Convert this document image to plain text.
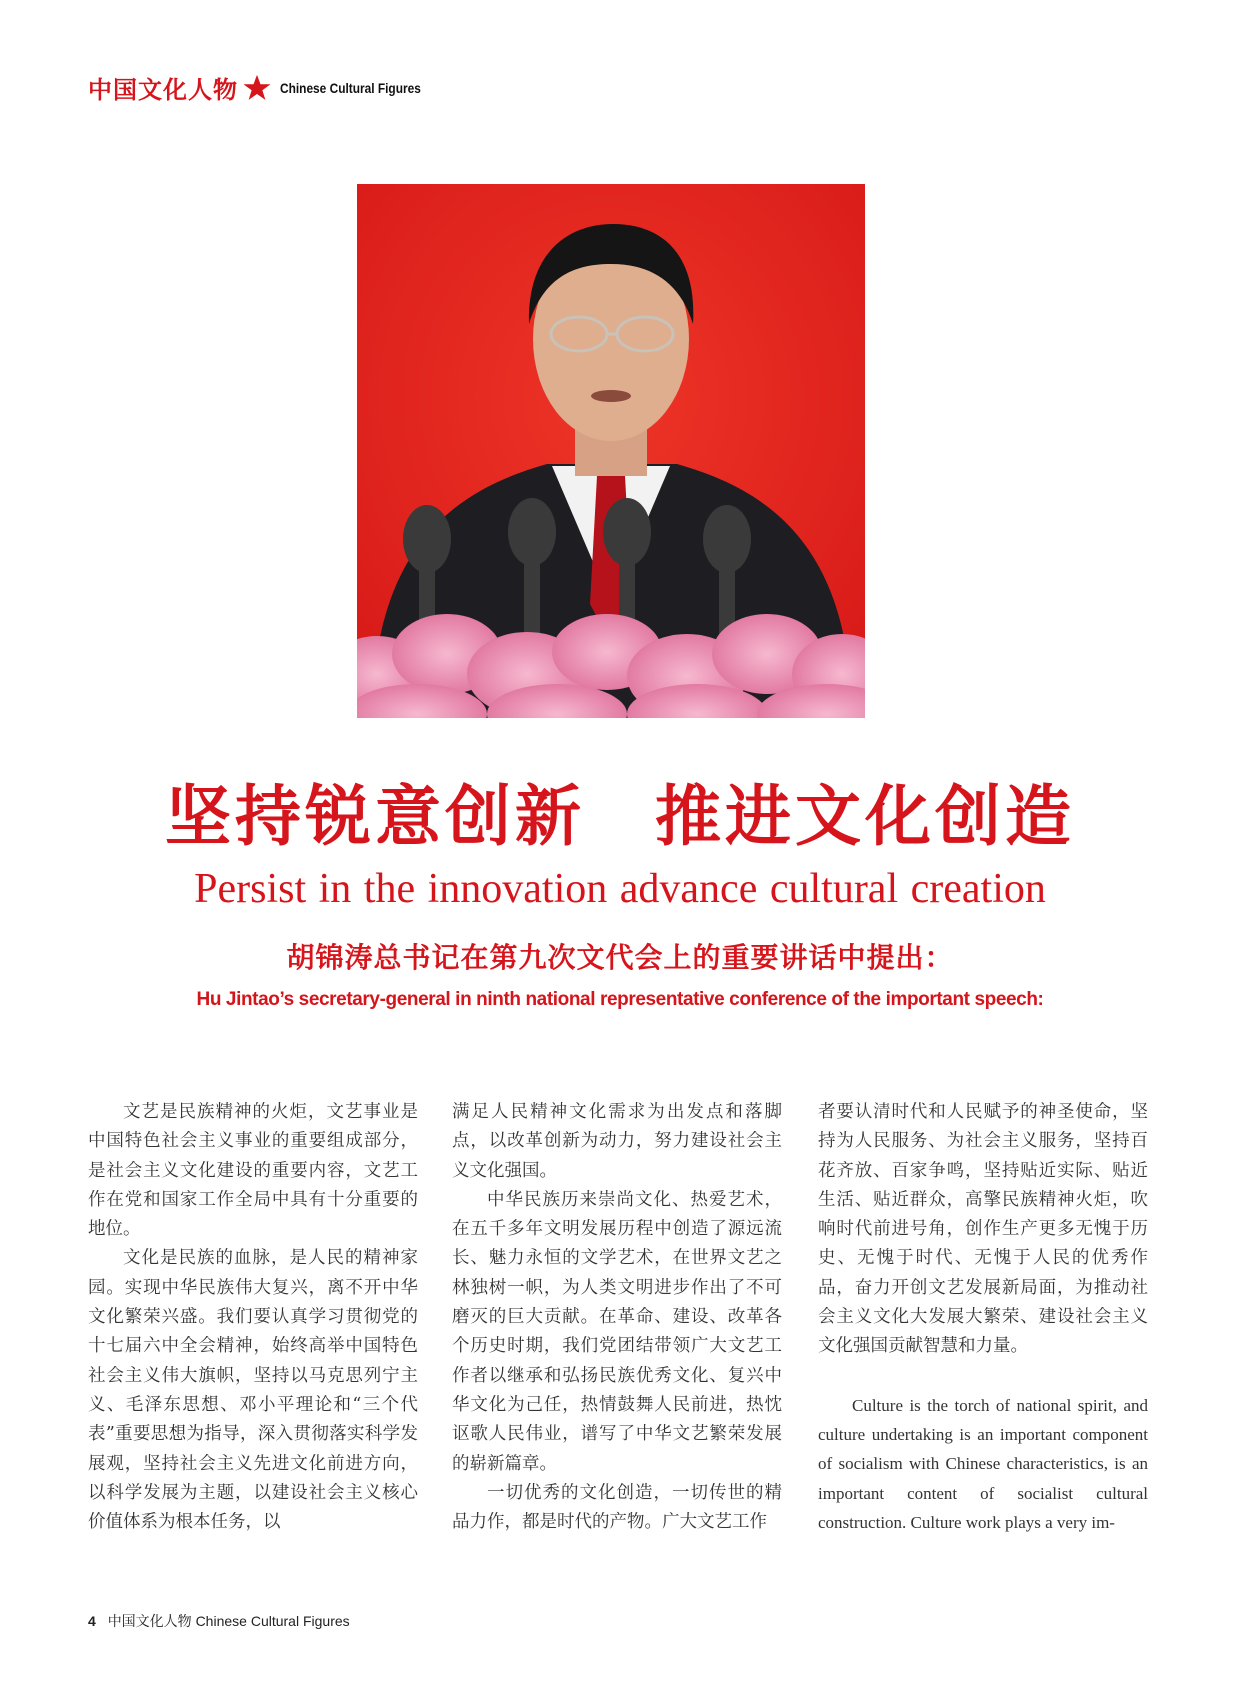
中国文化人物	Chinese Cultural Figures
坚持锐意创新　推进文化创造
Persist in the innovation advance cultural creation
胡锦涛总书记在第九次文代会上的重要讲话中提出：
Hu Jintao’s secretary-general in ninth national representative conference of the important speech:

文艺是民族精神的火炬，文艺事业是中国特色社会主义事业的重要组成部分，是社会主义文化建设的重要内容，文艺工作在党和国家工作全局中具有十分重要的地位。

文化是民族的血脉，是人民的精神家园。实现中华民族伟大复兴，离不开中华文化繁荣兴盛。我们要认真学习贯彻党的十七届六中全会精神，始终高举中国特色社会主义伟大旗帜，坚持以马克思列宁主义、毛泽东思想、邓小平理论和“三个代表”重要思想为指导，深入贯彻落实科学发展观，坚持社会主义先进文化前进方向，以科学发展为主题，以建设社会主义核心价值体系为根本任务，以

满足人民精神文化需求为出发点和落脚点，以改革创新为动力，努力建设社会主义文化强国。

中华民族历来崇尚文化、热爱艺术，在五千多年文明发展历程中创造了源远流长、魅力永恒的文学艺术，在世界文艺之林独树一帜，为人类文明进步作出了不可磨灭的巨大贡献。在革命、建设、改革各个历史时期，我们党团结带领广大文艺工作者以继承和弘扬民族优秀文化、复兴中华文化为己任，热情鼓舞人民前进，热忱讴歌人民伟业，谱写了中华文艺繁荣发展的崭新篇章。

一切优秀的文化创造，一切传世的精品力作，都是时代的产物。广大文艺工作

者要认清时代和人民赋予的神圣使命，坚持为人民服务、为社会主义服务，坚持百花齐放、百家争鸣，坚持贴近实际、贴近生活、贴近群众，高擎民族精神火炬，吹响时代前进号角，创作生产更多无愧于历史、无愧于时代、无愧于人民的优秀作品，奋力开创文艺发展新局面，为推动社会主义文化大发展大繁荣、建设社会主义文化强国贡献智慧和力量。

Culture is the torch of national spirit, and culture undertaking is an important component of socialism with Chinese characteristics, is an important content of socialist cultural construction. Culture work plays a very im-

4 中国文化人物 Chinese Cultural Figures
